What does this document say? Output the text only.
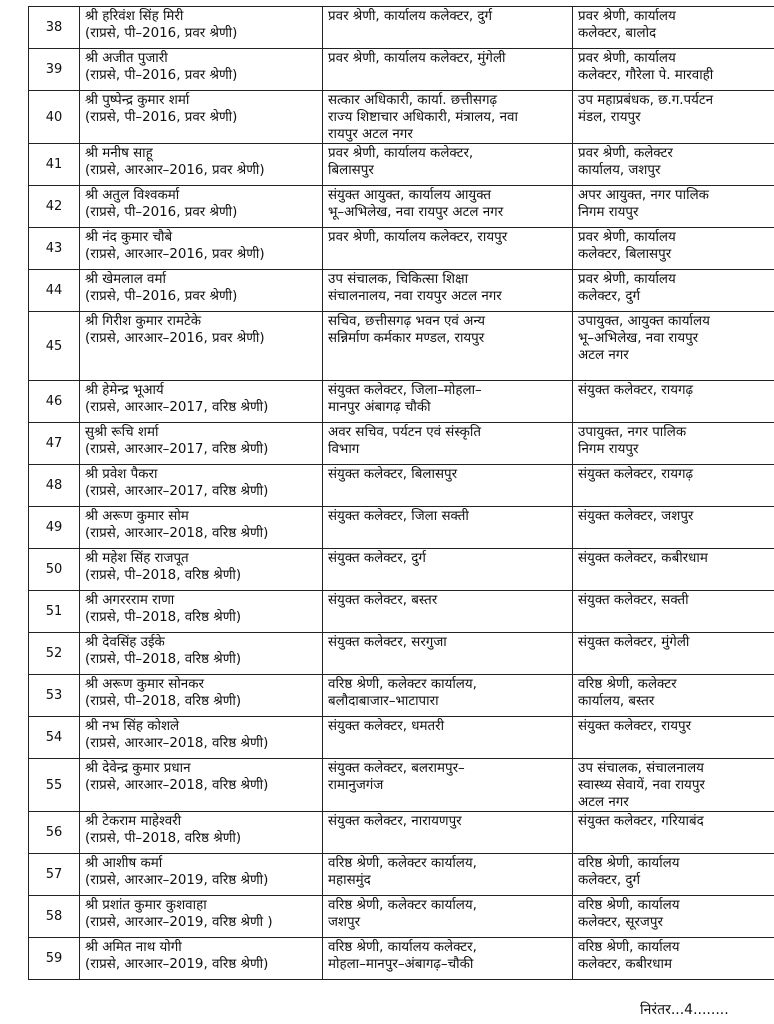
38	श्री हरिवंश सिंह मिरी
(राप्रसे, पी–2016, प्रवर श्रेणी)	प्रवर श्रेणी, कार्यालय कलेक्टर, दुर्ग	प्रवर श्रेणी, कार्यालय
कलेक्टर, बालोद

39	श्री अजीत पुजारी
(राप्रसे, पी–2016, प्रवर श्रेणी)	प्रवर श्रेणी, कार्यालय कलेक्टर, मुंगेली	प्रवर श्रेणी, कार्यालय
कलेक्टर, गौरेला पे. मारवाही

40	श्री पुष्पेन्द्र कुमार शर्मा
(राप्रसे, पी–2016, प्रवर श्रेणी)	सत्कार अधिकारी, कार्या. छत्तीसगढ़
राज्य शिष्टाचार अधिकारी, मंत्रालय, नवा
रायपुर अटल नगर	उप महाप्रबंधक, छ.ग.पर्यटन
मंडल, रायपुर

41	श्री मनीष साहू
(राप्रसे, आरआर–2016, प्रवर श्रेणी)	प्रवर श्रेणी, कार्यालय कलेक्टर,
बिलासपुर	प्रवर श्रेणी, कलेक्टर
कार्यालय, जशपुर

42	श्री अतुल विश्वकर्मा
(राप्रसे, पी–2016, प्रवर श्रेणी)	संयुक्त आयुक्त, कार्यालय आयुक्त
भू–अभिलेख, नवा रायपुर अटल नगर	अपर आयुक्त, नगर पालिक
निगम रायपुर

43	श्री नंद कुमार चौबे
(राप्रसे, आरआर–2016, प्रवर श्रेणी)	प्रवर श्रेणी, कार्यालय कलेक्टर, रायपुर	प्रवर श्रेणी, कार्यालय
कलेक्टर, बिलासपुर

44	श्री खेमलाल वर्मा
(राप्रसे, पी–2016, प्रवर श्रेणी)	उप संचालक, चिकित्सा शिक्षा
संचालनालय, नवा रायपुर अटल नगर	प्रवर श्रेणी, कार्यालय
कलेक्टर, दुर्ग

45	श्री गिरीश कुमार रामटेके
(राप्रसे, आरआर–2016, प्रवर श्रेणी)	सचिव, छत्तीसगढ़ भवन एवं अन्य
सन्निर्माण कर्मकार मण्डल, रायपुर	उपायुक्त, आयुक्त कार्यालय
भू–अभिलेख, नवा रायपुर
अटल नगर

46	श्री हेमेन्द्र भूआर्य
(राप्रसे, आरआर–2017, वरिष्ठ श्रेणी)	संयुक्त कलेक्टर, जिला–मोहला–
मानपुर अंबागढ़ चौकी	संयुक्त कलेक्टर, रायगढ़

47	सुश्री रूचि शर्मा
(राप्रसे, आरआर–2017, वरिष्ठ श्रेणी)	अवर सचिव, पर्यटन एवं संस्कृति
विभाग	उपायुक्त, नगर पालिक
निगम रायपुर

48	श्री प्रवेश पैकरा
(राप्रसे, आरआर–2017, वरिष्ठ श्रेणी)	संयुक्त कलेक्टर, बिलासपुर	संयुक्त कलेक्टर, रायगढ़

49	श्री अरूण कुमार सोम
(राप्रसे, आरआर–2018, वरिष्ठ श्रेणी)	संयुक्त कलेक्टर, जिला सक्ती	संयुक्त कलेक्टर, जशपुर

50	श्री महेश सिंह राजपूत
(राप्रसे, पी–2018, वरिष्ठ श्रेणी)	संयुक्त कलेक्टर, दुर्ग	संयुक्त कलेक्टर, कबीरधाम

51	श्री अगररराम राणा
(राप्रसे, पी–2018, वरिष्ठ श्रेणी)	संयुक्त कलेक्टर, बस्तर	संयुक्त कलेक्टर, सक्ती

52	श्री देवसिंह उईके
(राप्रसे, पी–2018, वरिष्ठ श्रेणी)	संयुक्त कलेक्टर, सरगुजा	संयुक्त कलेक्टर, मुंगेली

53	श्री अरूण कुमार सोनकर
(राप्रसे, पी–2018, वरिष्ठ श्रेणी)	वरिष्ठ श्रेणी, कलेक्टर कार्यालय,
बलौदाबाजार–भाटापारा	वरिष्ठ श्रेणी, कलेक्टर
कार्यालय, बस्तर

54	श्री नभ सिंह कोशले
(राप्रसे, आरआर–2018, वरिष्ठ श्रेणी)	संयुक्त कलेक्टर, धमतरी	संयुक्त कलेक्टर, रायपुर

55	श्री देवेन्द्र कुमार प्रधान
(राप्रसे, आरआर–2018, वरिष्ठ श्रेणी)	संयुक्त कलेक्टर, बलरामपुर–
रामानुजगंज	उप संचालक, संचालनालय
स्वास्थ्य सेवायें, नवा रायपुर
अटल नगर

56	श्री टेकराम माहेश्वरी
(राप्रसे, पी–2018, वरिष्ठ श्रेणी)	संयुक्त कलेक्टर, नारायणपुर	संयुक्त कलेक्टर, गरियाबंद

57	श्री आशीष कर्मा
(राप्रसे, आरआर–2019, वरिष्ठ श्रेणी)	वरिष्ठ श्रेणी, कलेक्टर कार्यालय,
महासमुंद	वरिष्ठ श्रेणी, कार्यालय
कलेक्टर, दुर्ग

58	श्री प्रशांत कुमार कुशवाहा
(राप्रसे, आरआर–2019, वरिष्ठ श्रेणी )	वरिष्ठ श्रेणी, कलेक्टर कार्यालय,
जशपुर	वरिष्ठ श्रेणी, कार्यालय
कलेक्टर, सूरजपुर

59	श्री अमित नाथ योगी
(राप्रसे, आरआर–2019, वरिष्ठ श्रेणी)	वरिष्ठ श्रेणी, कार्यालय कलेक्टर,
मोहला–मानपुर–अंबागढ़–चौकी	वरिष्ठ श्रेणी, कार्यालय
कलेक्टर, कबीरधाम
निरंतर...4........
